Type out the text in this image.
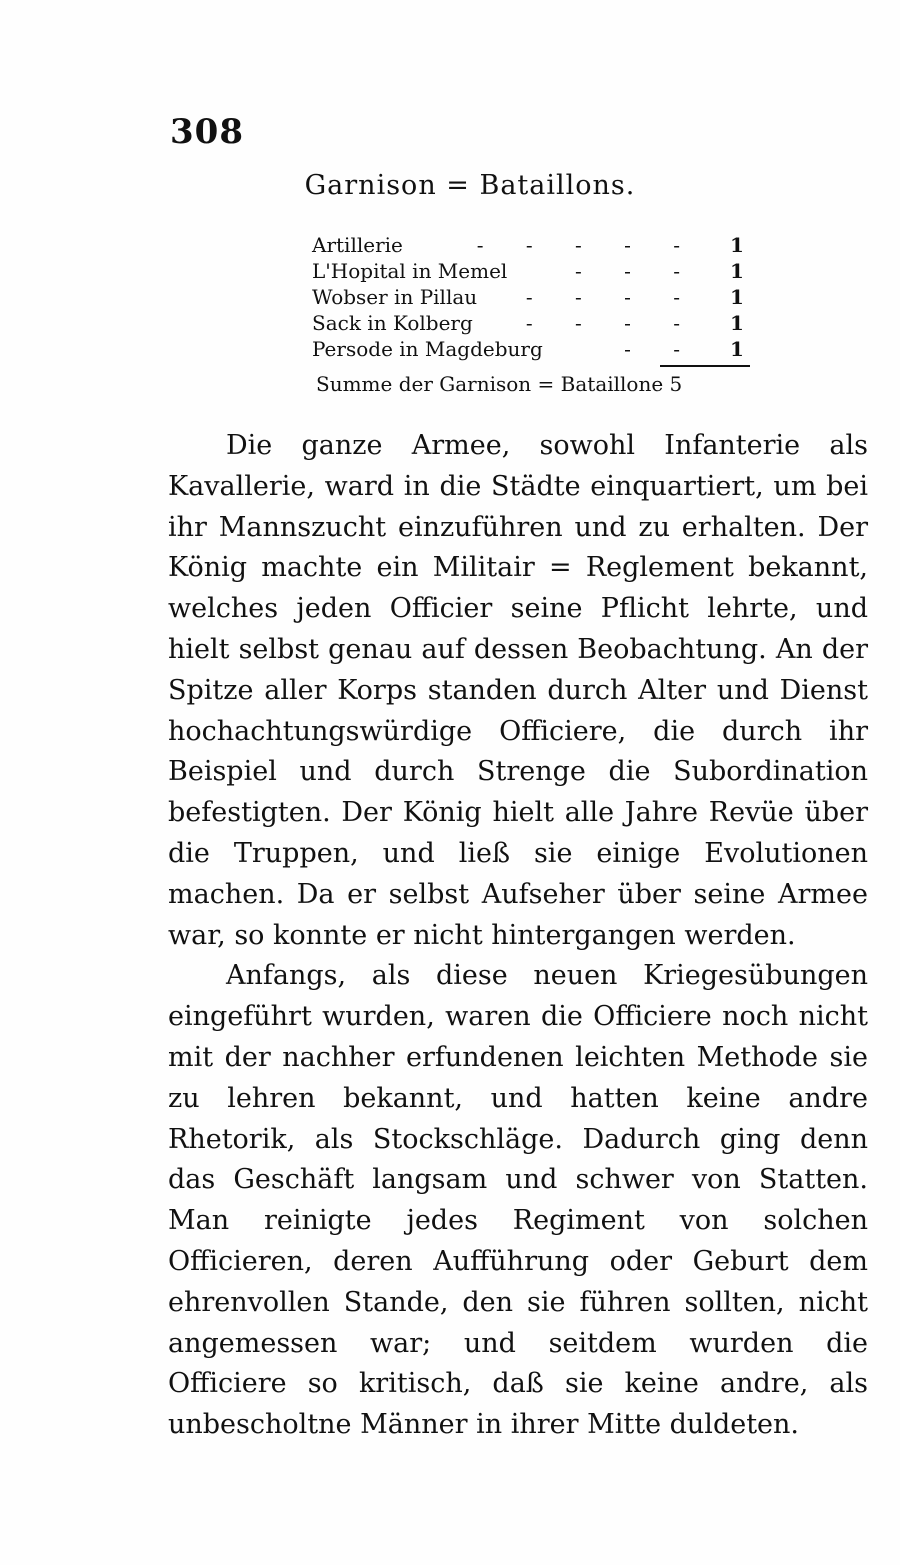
308
Garnison = Bataillons.
Artillerie	- - - - -	1
L'Hopital in Memel	- - -	1
Wobser in Pillau	- - - -	1
Sack in Kolberg	- - - -	1
Persode in Magdeburg	- -	1
Summe der Garnison = Bataillone 5

Die ganze Armee, sowohl Infanterie als Kavallerie, ward in die Städte einquartiert, um bei ihr Mannszucht einzuführen und zu erhalten. Der König machte ein Militair = Reglement bekannt, welches jeden Officier seine Pflicht lehrte, und hielt selbst genau auf dessen Beobachtung. An der Spitze aller Korps standen durch Alter und Dienst hochachtungswürdige Officiere, die durch ihr Beispiel und durch Strenge die Subordination befestigten. Der König hielt alle Jahre Revüe über die Truppen, und ließ sie einige Evolutionen machen. Da er selbst Aufseher über seine Armee war, so konnte er nicht hintergangen werden.

Anfangs, als diese neuen Kriegesübungen eingeführt wurden, waren die Officiere noch nicht mit der nachher erfundenen leichten Methode sie zu lehren bekannt, und hatten keine andre Rhetorik, als Stockschläge. Dadurch ging denn das Geschäft langsam und schwer von Statten. Man reinigte jedes Regiment von solchen Officieren, deren Aufführung oder Geburt dem ehrenvollen Stande, den sie führen sollten, nicht angemessen war; und seitdem wurden die Officiere so kritisch, daß sie keine andre, als unbescholtne Männer in ihrer Mitte duldeten.
